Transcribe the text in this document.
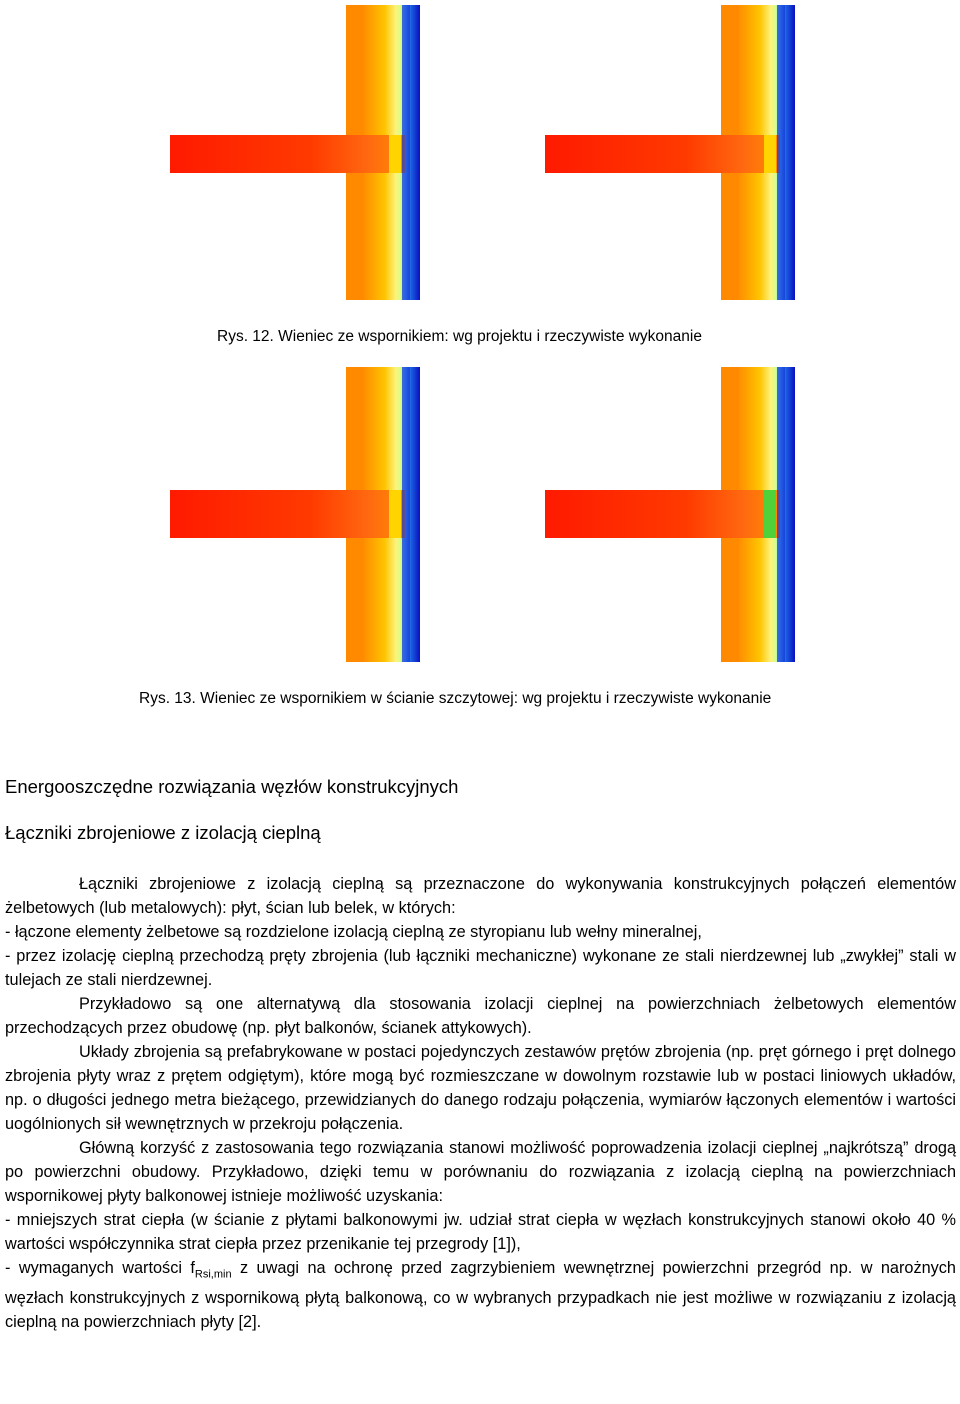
Rys. 12. Wieniec ze wspornikiem: wg projektu i rzeczywiste wykonanie
Rys. 13. Wieniec ze wspornikiem w ścianie szczytowej: wg projektu i rzeczywiste wykonanie
Energooszczędne rozwiązania węzłów konstrukcyjnych
Łączniki zbrojeniowe z izolacją cieplną

Łączniki zbrojeniowe z izolacją cieplną są przeznaczone do wykonywania konstrukcyjnych połączeń elementów żelbetowych (lub metalowych): płyt, ścian lub belek, w których:

- łączone elementy żelbetowe są rozdzielone izolacją cieplną ze styropianu lub wełny mineralnej,

- przez izolację cieplną przechodzą pręty zbrojenia (lub łączniki mechaniczne) wykonane ze stali nierdzewnej lub „zwykłej” stali w tulejach ze stali nierdzewnej.

Przykładowo są one alternatywą dla stosowania izolacji cieplnej na powierzchniach żelbetowych elementów przechodzących przez obudowę (np. płyt balkonów, ścianek attykowych).

Układy zbrojenia są prefabrykowane w postaci pojedynczych zestawów prętów zbrojenia (np. pręt górnego i pręt dolnego zbrojenia płyty wraz z prętem odgiętym), które mogą być rozmieszczane w dowolnym rozstawie lub w postaci liniowych układów, np. o długości jednego metra bieżącego, przewidzianych do danego rodzaju połączenia, wymiarów łączonych elementów i wartości uogólnionych sił wewnętrznych w przekroju połączenia.

Główną korzyść z zastosowania tego rozwiązania stanowi możliwość poprowadzenia izolacji cieplnej „najkrótszą” drogą po powierzchni obudowy. Przykładowo, dzięki temu w porównaniu do rozwiązania z izolacją cieplną na powierzchniach wspornikowej płyty balkonowej istnieje możliwość uzyskania:

- mniejszych strat ciepła (w ścianie z płytami balkonowymi jw. udział strat ciepła w węzłach konstrukcyjnych stanowi około 40 % wartości współczynnika strat ciepła przez przenikanie tej przegrody [1]),

- wymaganych wartości $f_{Rsi,min}$ z uwagi na ochronę przed zagrzybieniem wewnętrznej powierzchni przegród np. w narożnych węzłach konstrukcyjnych z wspornikową płytą balkonową, co w wybranych przypadkach nie jest możliwe w rozwiązaniu z izolacją cieplną na powierzchniach płyty [2].
